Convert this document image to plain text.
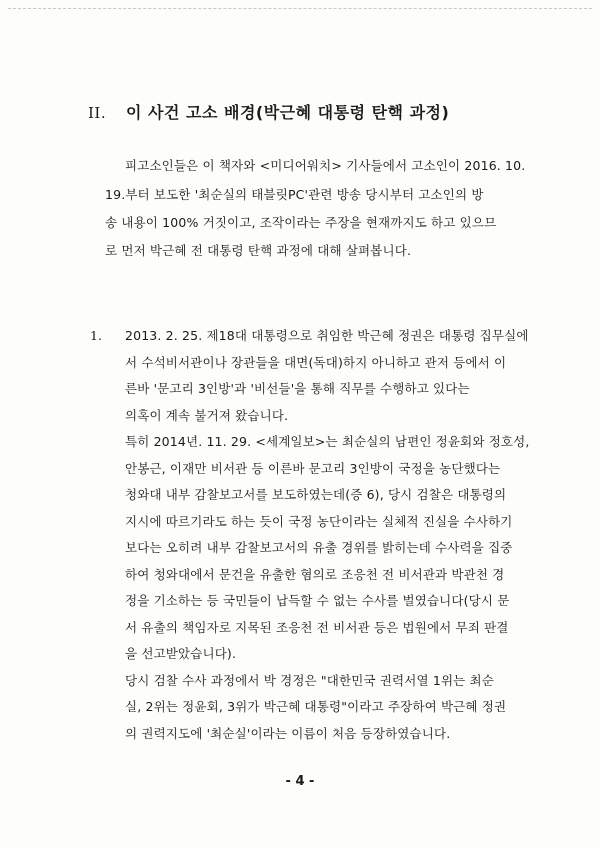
II. 이 사건 고소 배경(박근혜 대통령 탄핵 과정)
피고소인들은 이 책자와 <미디어워치> 기사들에서 고소인이 2016. 10.
19.부터 보도한 '최순실의 태블릿PC'관련 방송 당시부터 고소인의 방
송 내용이 100% 거짓이고, 조작이라는 주장을 현재까지도 하고 있으므
로 먼저 박근혜 전 대통령 탄핵 과정에 대해 살펴봅니다.
1. 2013. 2. 25. 제18대 대통령으로 취임한 박근혜 정권은 대통령 집무실에
서 수석비서관이나 장관들을 대면(독대)하지 아니하고 관저 등에서 이
른바 '문고리 3인방'과 '비선들'을 통해 직무를 수행하고 있다는
의혹이 계속 불거져 왔습니다.
특히 2014년. 11. 29. <세계일보>는 최순실의 남편인 정윤회와 정호성,
안봉근, 이재만 비서관 등 이른바 문고리 3인방이 국정을 농단했다는
청와대 내부 감찰보고서를 보도하였는데(증 6), 당시 검찰은 대통령의
지시에 따르기라도 하는 듯이 국정 농단이라는 실체적 진실을 수사하기
보다는 오히려 내부 감찰보고서의 유출 경위를 밝히는데 수사력을 집중
하여 청와대에서 문건을 유출한 혐의로 조응천 전 비서관과 박관천 경
정을 기소하는 등 국민들이 납득할 수 없는 수사를 벌였습니다(당시 문
서 유출의 책임자로 지목된 조응천 전 비서관 등은 법원에서 무죄 판결
을 선고받았습니다).
당시 검찰 수사 과정에서 박 경정은 "대한민국 권력서열 1위는 최순
실, 2위는 정윤회, 3위가 박근혜 대통령"이라고 주장하여 박근혜 정권
의 권력지도에 '최순실'이라는 이름이 처음 등장하였습니다.
- 4 -
